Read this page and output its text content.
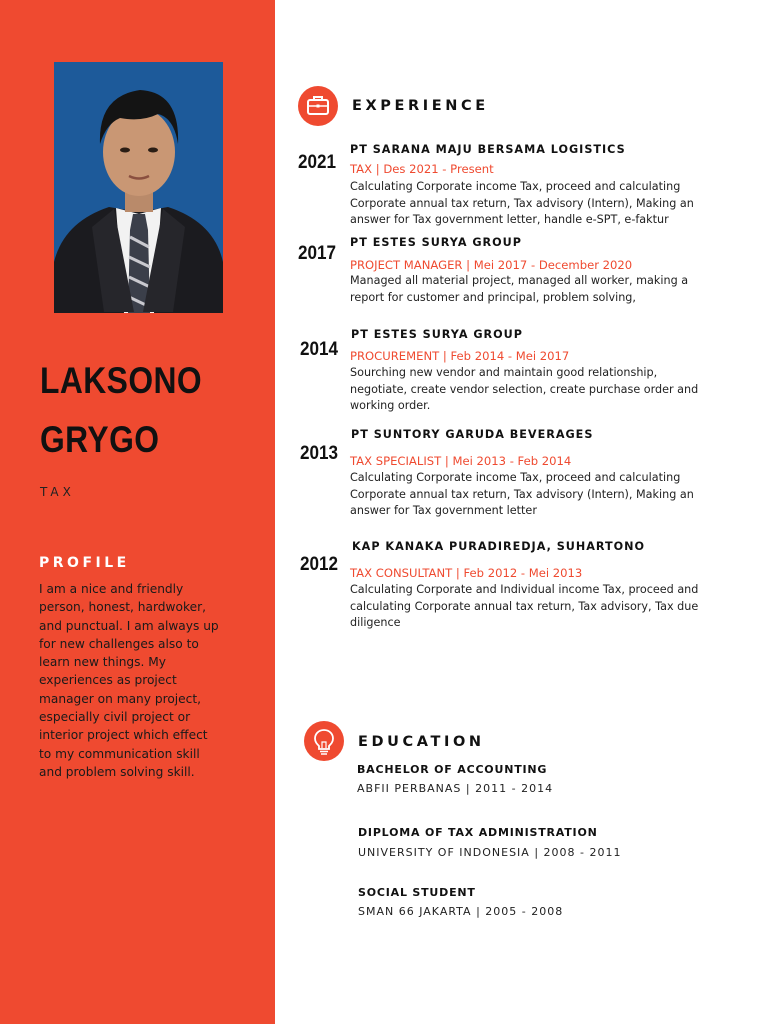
LAKSONO
GRYGO
TAX
PROFILE
I am a nice and friendly
person, honest, hardwoker,
and punctual. I am always up
for new challenges also to
learn new things. My
experiences as project
manager on many project,
especially civil project or
interior project which effect
to my communication skill
and problem solving skill.
EXPERIENCE
2021
PT SARANA MAJU BERSAMA LOGISTICS
TAX | Des 2021 - Present
Calculating Corporate income Tax, proceed and calculating
Corporate annual tax return, Tax advisory (Intern), Making an
answer for Tax government letter, handle e-SPT, e-faktur
2017
PT ESTES SURYA GROUP
PROJECT MANAGER | Mei 2017 - December 2020
Managed all material project, managed all worker, making a
report for customer and principal, problem solving,
2014
PT ESTES SURYA GROUP
PROCUREMENT | Feb 2014 - Mei 2017
Sourching new vendor and maintain good relationship,
negotiate, create vendor selection, create purchase order and
working order.
2013
PT SUNTORY GARUDA BEVERAGES
TAX SPECIALIST | Mei 2013 - Feb 2014
Calculating Corporate income Tax, proceed and calculating
Corporate annual tax return, Tax advisory (Intern), Making an
answer for Tax government letter
2012
KAP KANAKA PURADIREDJA, SUHARTONO
TAX CONSULTANT | Feb 2012 - Mei 2013
Calculating Corporate and Individual income Tax, proceed and
calculating Corporate annual tax return, Tax advisory, Tax due
diligence
EDUCATION
BACHELOR OF ACCOUNTING
ABFII PERBANAS | 2011 - 2014
DIPLOMA OF TAX ADMINISTRATION
UNIVERSITY OF INDONESIA | 2008 - 2011
SOCIAL STUDENT
SMAN 66 JAKARTA | 2005 - 2008
